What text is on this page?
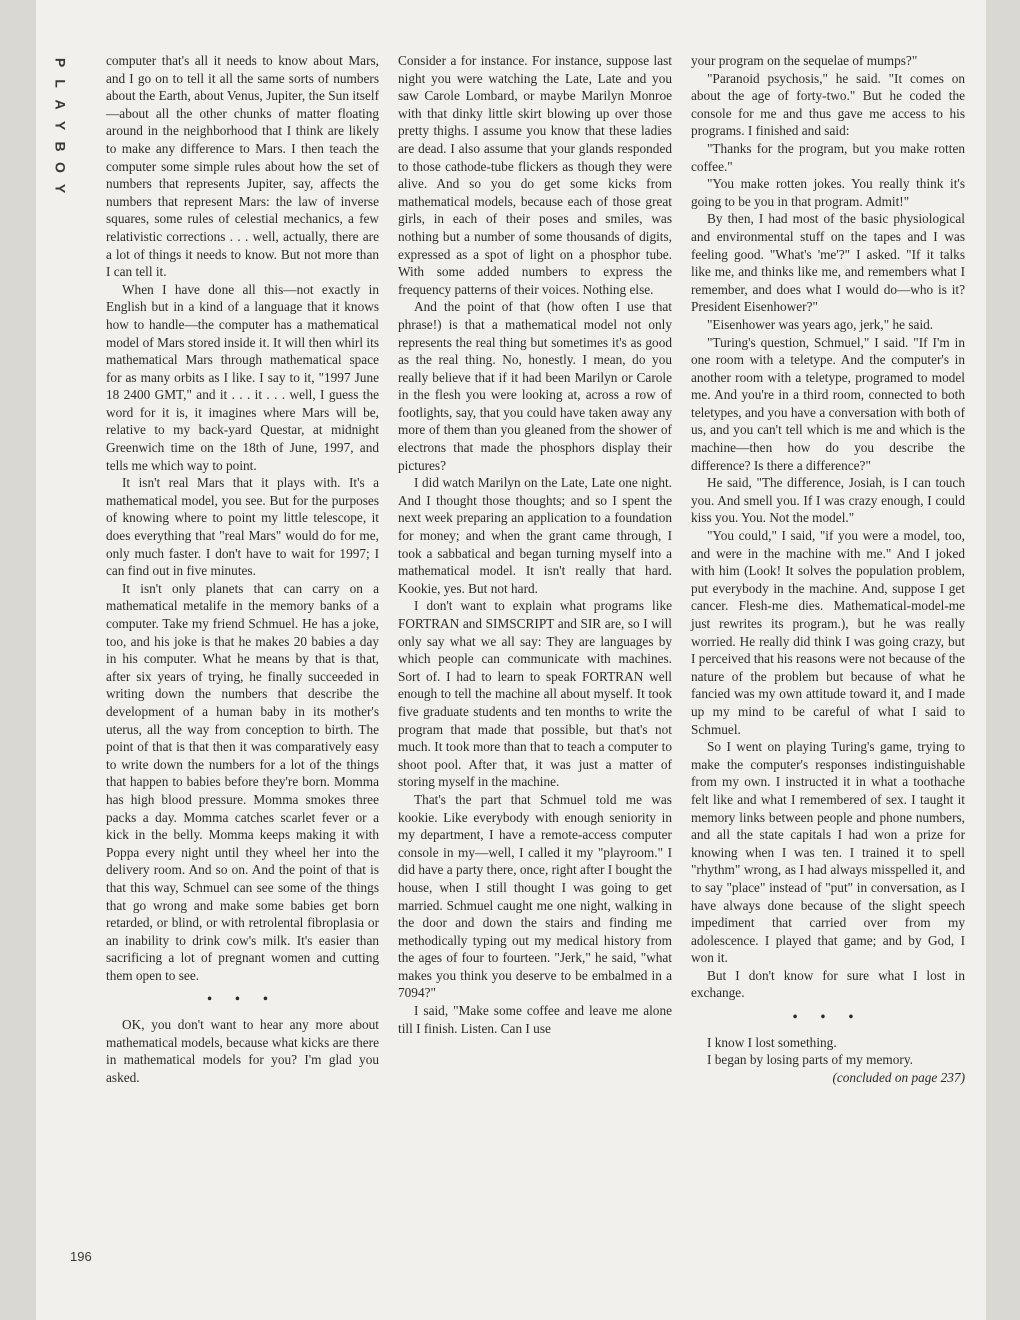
P
L
A
Y
B
O
Y
196

computer that's all it needs to know about Mars, and I go on to tell it all the same sorts of numbers about the Earth, about Venus, Jupiter, the Sun itself—about all the other chunks of matter floating around in the neighborhood that I think are likely to make any difference to Mars. I then teach the computer some simple rules about how the set of numbers that represents Jupiter, say, affects the numbers that represent Mars: the law of inverse squares, some rules of celestial mechanics, a few relativistic corrections . . . well, actually, there are a lot of things it needs to know. But not more than I can tell it.

When I have done all this—not exactly in English but in a kind of a language that it knows how to handle—the computer has a mathematical model of Mars stored inside it. It will then whirl its mathematical Mars through mathematical space for as many orbits as I like. I say to it, "1997 June 18 2400 GMT," and it . . . it . . . well, I guess the word for it is, it imagines where Mars will be, relative to my back-yard Questar, at midnight Greenwich time on the 18th of June, 1997, and tells me which way to point.

It isn't real Mars that it plays with. It's a mathematical model, you see. But for the purposes of knowing where to point my little telescope, it does everything that "real Mars" would do for me, only much faster. I don't have to wait for 1997; I can find out in five minutes.

It isn't only planets that can carry on a mathematical metalife in the memory banks of a computer. Take my friend Schmuel. He has a joke, too, and his joke is that he makes 20 babies a day in his computer. What he means by that is that, after six years of trying, he finally succeeded in writing down the numbers that describe the development of a human baby in its mother's uterus, all the way from conception to birth. The point of that is that then it was comparatively easy to write down the numbers for a lot of the things that happen to babies before they're born. Momma has high blood pressure. Momma smokes three packs a day. Momma catches scarlet fever or a kick in the belly. Momma keeps making it with Poppa every night until they wheel her into the delivery room. And so on. And the point of that is that this way, Schmuel can see some of the things that go wrong and make some babies get born retarded, or blind, or with retrolental fibroplasia or an inability to drink cow's milk. It's easier than sacrificing a lot of pregnant women and cutting them open to see.

• • •

OK, you don't want to hear any more about mathematical models, because what kicks are there in mathematical models for you? I'm glad you asked.

Consider a for instance. For instance, suppose last night you were watching the Late, Late and you saw Carole Lombard, or maybe Marilyn Monroe with that dinky little skirt blowing up over those pretty thighs. I assume you know that these ladies are dead. I also assume that your glands responded to those cathode-tube flickers as though they were alive. And so you do get some kicks from mathematical models, because each of those great girls, in each of their poses and smiles, was nothing but a number of some thousands of digits, expressed as a spot of light on a phosphor tube. With some added numbers to express the frequency patterns of their voices. Nothing else.

And the point of that (how often I use that phrase!) is that a mathematical model not only represents the real thing but sometimes it's as good as the real thing. No, honestly. I mean, do you really believe that if it had been Marilyn or Carole in the flesh you were looking at, across a row of footlights, say, that you could have taken away any more of them than you gleaned from the shower of electrons that made the phosphors display their pictures?

I did watch Marilyn on the Late, Late one night. And I thought those thoughts; and so I spent the next week preparing an application to a foundation for money; and when the grant came through, I took a sabbatical and began turning myself into a mathematical model. It isn't really that hard. Kookie, yes. But not hard.

I don't want to explain what programs like FORTRAN and SIMSCRIPT and SIR are, so I will only say what we all say: They are languages by which people can communicate with machines. Sort of. I had to learn to speak FORTRAN well enough to tell the machine all about myself. It took five graduate students and ten months to write the program that made that possible, but that's not much. It took more than that to teach a computer to shoot pool. After that, it was just a matter of storing myself in the machine.

That's the part that Schmuel told me was kookie. Like everybody with enough seniority in my department, I have a remote-access computer console in my—well, I called it my "playroom." I did have a party there, once, right after I bought the house, when I still thought I was going to get married. Schmuel caught me one night, walking in the door and down the stairs and finding me methodically typing out my medical history from the ages of four to fourteen. "Jerk," he said, "what makes you think you deserve to be embalmed in a 7094?"

I said, "Make some coffee and leave me alone till I finish. Listen. Can I use

your program on the sequelae of mumps?"

"Paranoid psychosis," he said. "It comes on about the age of forty-two." But he coded the console for me and thus gave me access to his programs. I finished and said:

"Thanks for the program, but you make rotten coffee."

"You make rotten jokes. You really think it's going to be you in that program. Admit!"

By then, I had most of the basic physiological and environmental stuff on the tapes and I was feeling good. "What's 'me'?" I asked. "If it talks like me, and thinks like me, and remembers what I remember, and does what I would do—who is it? President Eisenhower?"

"Eisenhower was years ago, jerk," he said.

"Turing's question, Schmuel," I said. "If I'm in one room with a teletype. And the computer's in another room with a teletype, programed to model me. And you're in a third room, connected to both teletypes, and you have a conversation with both of us, and you can't tell which is me and which is the machine—then how do you describe the difference? Is there a difference?"

He said, "The difference, Josiah, is I can touch you. And smell you. If I was crazy enough, I could kiss you. You. Not the model."

"You could," I said, "if you were a model, too, and were in the machine with me." And I joked with him (Look! It solves the population problem, put everybody in the machine. And, suppose I get cancer. Flesh-me dies. Mathematical-model-me just rewrites its program.), but he was really worried. He really did think I was going crazy, but I perceived that his reasons were not because of the nature of the problem but because of what he fancied was my own attitude toward it, and I made up my mind to be careful of what I said to Schmuel.

So I went on playing Turing's game, trying to make the computer's responses indistinguishable from my own. I instructed it in what a toothache felt like and what I remembered of sex. I taught it memory links between people and phone numbers, and all the state capitals I had won a prize for knowing when I was ten. I trained it to spell "rhythm" wrong, as I had always misspelled it, and to say "place" instead of "put" in conversation, as I have always done because of the slight speech impediment that carried over from my adolescence. I played that game; and by God, I won it.

But I don't know for sure what I lost in exchange.

• • •

I know I lost something.

I began by losing parts of my memory.

(concluded on page 237)
